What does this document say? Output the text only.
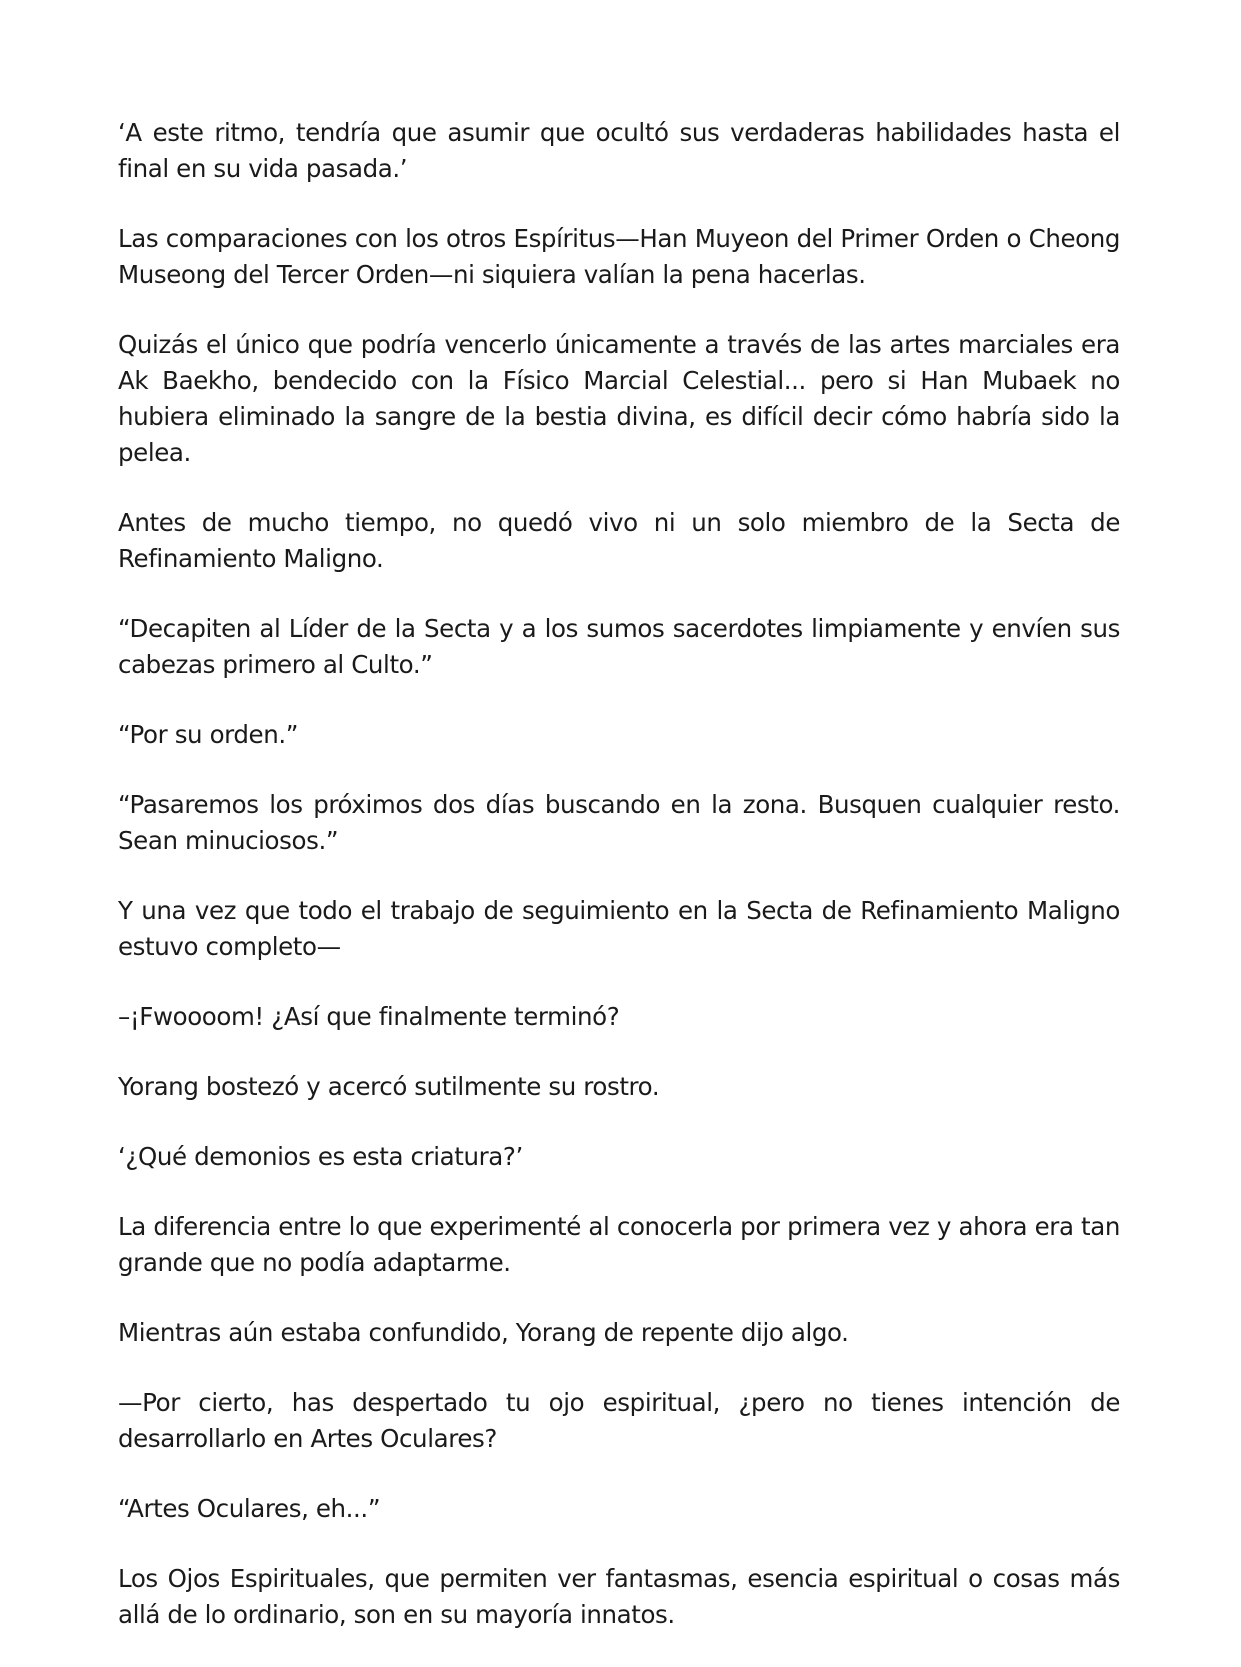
‘A este ritmo, tendría que asumir que ocultó sus verdaderas habilidades hasta el final en su vida pasada.’

Las comparaciones con los otros Espíritus—Han Muyeon del Primer Orden o Cheong Museong del Tercer Orden—ni siquiera valían la pena hacerlas.

Quizás el único que podría vencerlo únicamente a través de las artes marciales era Ak Baekho, bendecido con la Físico Marcial Celestial... pero si Han Mubaek no hubiera eliminado la sangre de la bestia divina, es difícil decir cómo habría sido la pelea.

Antes de mucho tiempo, no quedó vivo ni un solo miembro de la Secta de Refinamiento Maligno.

“Decapiten al Líder de la Secta y a los sumos sacerdotes limpiamente y envíen sus cabezas primero al Culto.”

“Por su orden.”

“Pasaremos los próximos dos días buscando en la zona. Busquen cualquier resto. Sean minuciosos.”

Y una vez que todo el trabajo de seguimiento en la Secta de Refinamiento Maligno estuvo completo—

–¡Fwoooom! ¿Así que finalmente terminó?

Yorang bostezó y acercó sutilmente su rostro.

‘¿Qué demonios es esta criatura?’

La diferencia entre lo que experimenté al conocerla por primera vez y ahora era tan grande que no podía adaptarme.

Mientras aún estaba confundido, Yorang de repente dijo algo.

—Por cierto, has despertado tu ojo espiritual, ¿pero no tienes intención de desarrollarlo en Artes Oculares?

“Artes Oculares, eh...”

Los Ojos Espirituales, que permiten ver fantasmas, esencia espiritual o cosas más allá de lo ordinario, son en su mayoría innatos.
